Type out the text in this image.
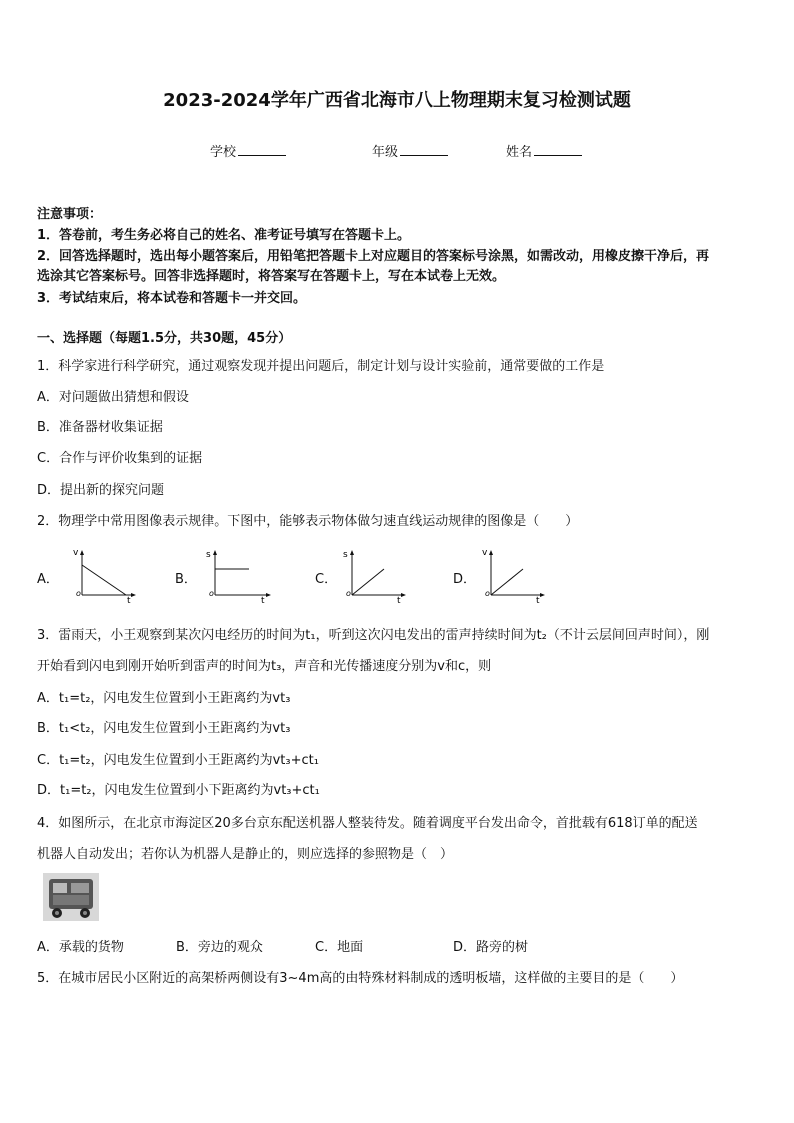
2023-2024学年广西省北海市八上物理期末复习检测试题
学校	年级	姓名
注意事项：
1．答卷前，考生务必将自己的姓名、准考证号填写在答题卡上。
2．回答选择题时，选出每小题答案后，用铅笔把答题卡上对应题目的答案标号涂黑，如需改动，用橡皮擦干净后，再
选涂其它答案标号。回答非选择题时，将答案写在答题卡上，写在本试卷上无效。
3．考试结束后，将本试卷和答题卡一并交回。
一、选择题（每题1.5分，共30题，45分）
1．科学家进行科学研究，通过观察发现并提出问题后，制定计划与设计实验前，通常要做的工作是
A．对问题做出猜想和假设
B．准备器材收集证据
C．合作与评价收集到的证据
D．提出新的探究问题
2．物理学中常用图像表示规律。下图中，能够表示物体做匀速直线运动规律的图像是（　　）
A．
v
t
o
B．
s
t
o
C．
s
t
o
D．
v
t
o
3．雷雨天，小王观察到某次闪电经历的时间为t₁，听到这次闪电发出的雷声持续时间为t₂（不计云层间回声时间），刚
开始看到闪电到刚开始听到雷声的时间为t₃，声音和光传播速度分别为v和c，则
A．t₁=t₂，闪电发生位置到小王距离约为vt₃
B．t₁<t₂，闪电发生位置到小王距离约为vt₃
C．t₁=t₂，闪电发生位置到小王距离约为vt₃+ct₁
D．t₁=t₂，闪电发生位置到小下距离约为vt₃+ct₁
4．如图所示，在北京市海淀区20多台京东配送机器人整装待发。随着调度平台发出命令，首批载有618订单的配送
机器人自动发出；若你认为机器人是静止的，则应选择的参照物是（　）
A．承载的货物	B．旁边的观众	C．地面	D．路旁的树
5．在城市居民小区附近的高架桥两侧设有3~4m高的由特殊材料制成的透明板墙，这样做的主要目的是（　　）
